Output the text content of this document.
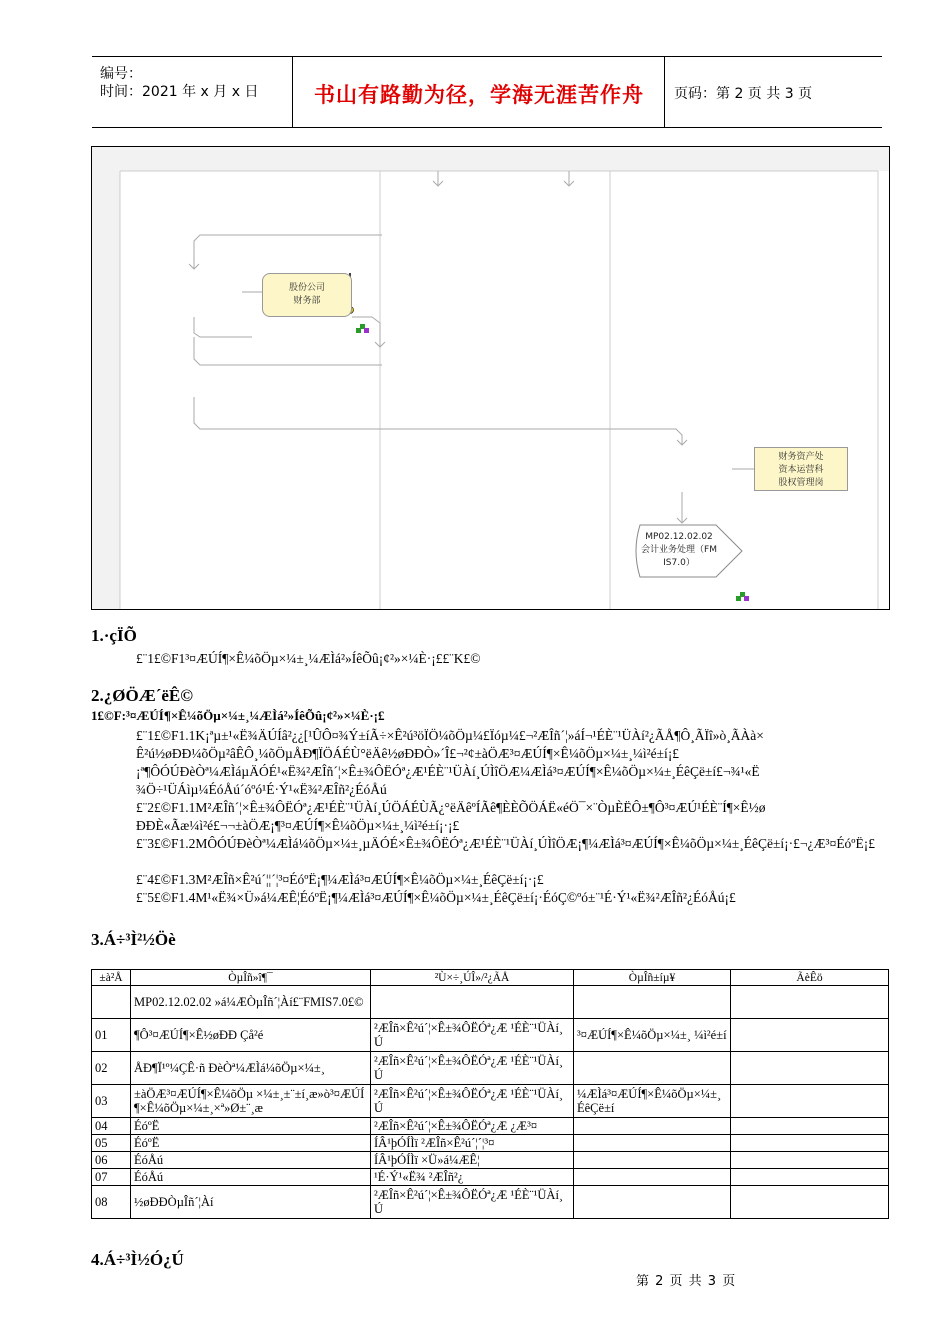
编号：
时间：2021 年 x 月 x 日	书山有路勤为径，学海无涯苦作舟 页码：第 2 页 共 3 页
股份公司
财务部
财务资产处
资本运营科
股权管理岗
MP02.12.02.02
会计业务处理（FM
IS7.0）
1.·çÏÕ
£¨1£©F1³¤ÆÚÍ¶×Ê¼õÖµ×¼±¸¼ÆÌá²»ÍêÕû¡¢²»×¼È·¡££¨K£©
2.¿ØÖÆ´ëÊ©
1£©F:³¤ÆÚÍ¶×Ê¼õÖµ×¼±¸¼ÆÌá²»ÍêÕû¡¢²»×¼È·¡£
£¨1£©F1.1K¡ªµ±¹«Ë¾ÄÚÍâ²¿¿[¹ÛÔ¤¾Ý±íÃ÷×Ê²ú³öÏÖ¼õÖµ¼£Ïóµ¼£¬²ÆÎñ´¦»áÍ¬¹ÉÈ¨¹ÜÀí²¿ÃÅ¶Ô¸ÃÏî»ò¸ÃÀà×
Ê²ú½øÐÐ¼õÖµ²âÊÔ¸¼õÖµÅÐ¶ÏÖÁÉÙ°ëÄê½øÐÐÒ»´Î£¬²¢±àÖÆ³¤ÆÚÍ¶×Ê¼õÖµ×¼±¸¼ì²é±í¡£
¡ª¶ÔÓÚÐèÒª¼ÆÌáµÄÓÉ¹«Ë¾²ÆÎñ´¦×Ê±¾ÔËÓª¿Æ¹ÉÈ¨¹ÜÀí¸ÚÌîÖÆ¼ÆÌá³¤ÆÚÍ¶×Ê¼õÖµ×¼±¸ÉêÇë±í£¬¾¹«Ë
¾Ö÷¹ÜÁìµ¼ÉóÅú´óºó¹É·Ý¹«Ë¾²ÆÎñ²¿ÉóÅú
£¨2£©F1.1M²ÆÎñ´¦×Ê±¾ÔËÓª¿Æ¹ÉÈ¨¹ÜÀí¸ÚÖÁÉÙÃ¿°ëÄêºÍÃê¶ÈÈÕÖÁË«éÖ¯×¨ÒµÈËÔ±¶Ô³¤ÆÚ¹ÉÈ¨Í¶×Ê½ø
ÐÐÈ«Ãæ¼ì²é£¬¬±àÖÆ¡¶³¤ÆÚÍ¶×Ê¼õÖµ×¼±¸¼ì²é±í¡·¡£
£¨3£©F1.2MÔÓÚÐèÒª¼ÆÌá¼õÖµ×¼±¸µÄÓÉ×Ê±¾ÔËÓª¿Æ¹ÉÈ¨¹ÜÀí¸ÚÌîÖÆ¡¶¼ÆÌá³¤ÆÚÍ¶×Ê¼õÖµ×¼±¸ÉêÇë±í¡·£¬¿Æ³¤ÉóºË¡£
£¨4£©F1.3M²ÆÎñ×Ê²ú´¦¦´¦³¤ÉóºË¡¶¼ÆÌá³¤ÆÚÍ¶×Ê¼õÖµ×¼±¸ÉêÇë±í¡·¡£
£¨5£©F1.4M¹«Ë¾×Ü»á¼ÆÊ¦ÉóºË¡¶¼ÆÌá³¤ÆÚÍ¶×Ê¼õÖµ×¼±¸ÉêÇë±í¡·ÉóÇ©ºó±¨¹É·Ý¹«Ë¾²ÆÎñ²¿ÉóÅú¡£
3.Á÷³Ì²½Öè
±à²Å	ÒµÎñ»î¶¯	²Ù×÷¸ÚÎ»/²¿ÃÅ	ÒµÎñ±íµ¥	ÃèÊö
	MP02.12.02.02 »á¼ÆÒµÎñ´¦Àí£¨FMIS7.0£©			
01	¶Ô³¤ÆÚÍ¶×Ê½øÐÐ Çå²é	²ÆÎñ×Ê²ú´¦×Ê±¾ÔËÓª¿Æ ¹ÉÈ¨¹ÜÀí¸Ú	³¤ÆÚÍ¶×Ê¼õÖµ×¼±¸ ¼ì²é±í	
02	ÅÐ¶Ï¹º¼ÇÊ·ñ ÐèÒª¼ÆÌá¼õÖµ×¼±¸	²ÆÎñ×Ê²ú´¦×Ê±¾ÔËÓª¿Æ ¹ÉÈ¨¹ÜÀí¸Ú		
03	±àÖÆ³¤ÆÚÍ¶×Ê¼õÖµ ×¼±¸±¨±í¸æ»ò³¤ÆÚÍ¶×Ê¼õÖµ×¼±¸×ª»Ø±¨¸æ	²ÆÎñ×Ê²ú´¦×Ê±¾ÔËÓª¿Æ ¹ÉÈ¨¹ÜÀí¸Ú	¼ÆÌá³¤ÆÚÍ¶×Ê¼õÖµ×¼±¸ÉêÇë±í	
04	ÉóºË	²ÆÎñ×Ê²ú´¦×Ê±¾ÔËÓª¿Æ ¿Æ³¤		
05	ÉóºË	ÍÂ¹þÓÍÌï ²ÆÎñ×Ê²ú´¦´¦³¤		
06	ÉóÅú	ÍÂ¹þÓÍÌï ×Ü»á¼ÆÊ¦		
07	ÉóÅú	¹É·Ý¹«Ë¾ ²ÆÎñ²¿		
08	½øÐÐÒµÎñ´¦Àí	²ÆÎñ×Ê²ú´¦×Ê±¾ÔËÓª¿Æ ¹ÉÈ¨¹ÜÀí¸Ú		
4.Á÷³Ì½Ó¿Ú
第 2 页 共 3 页
